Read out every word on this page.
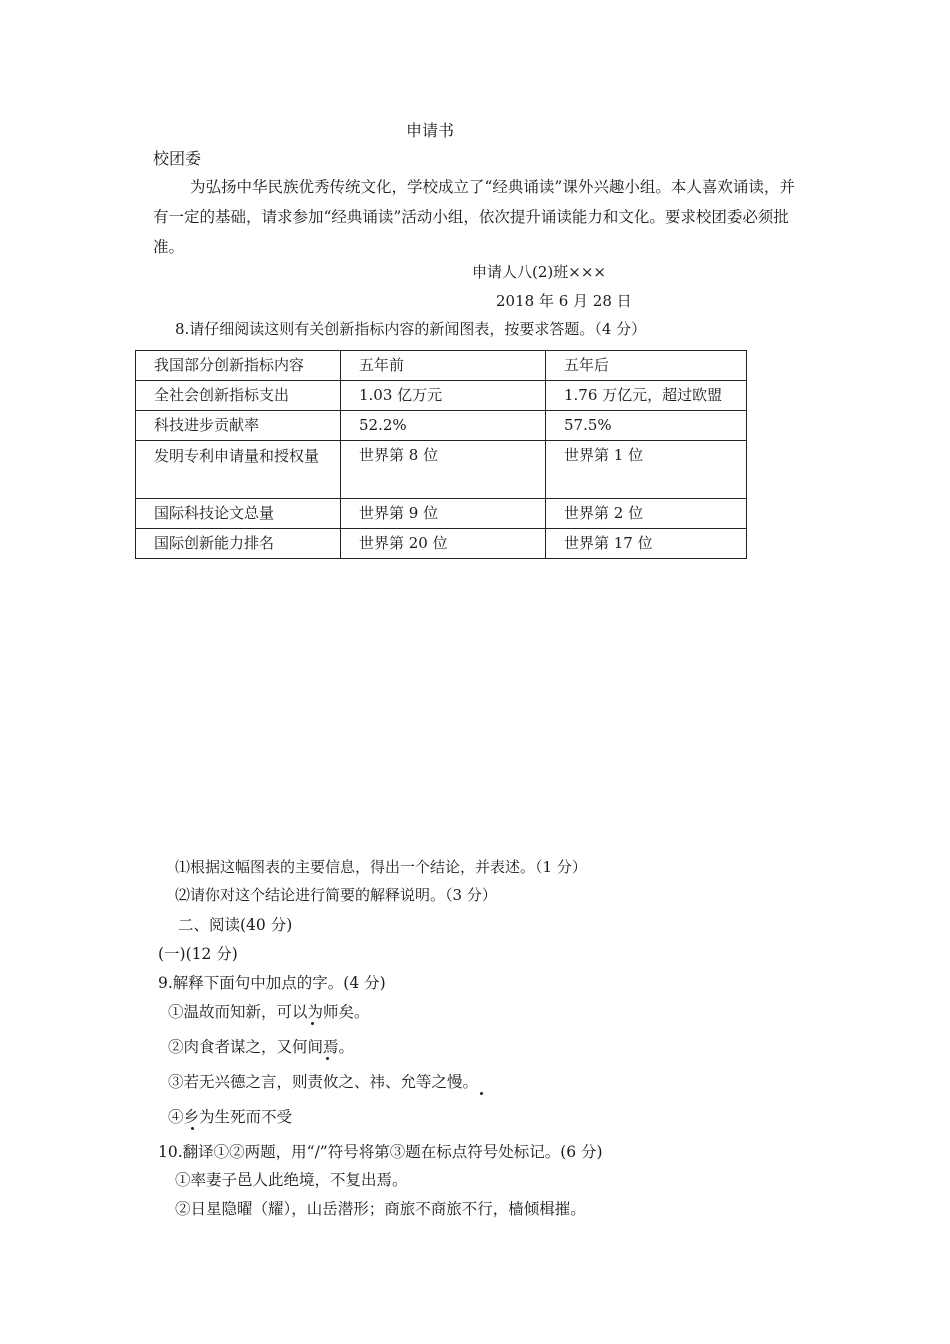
申请书
校团委
为弘扬中华民族优秀传统文化，学校成立了“经典诵读”课外兴趣小组。本人喜欢诵读，并有一定的基础，请求参加“经典诵读”活动小组，依次提升诵读能力和文化。要求校团委必须批准。
申请人八(2)班×××
2018 年 6 月 28 日
8.请仔细阅读这则有关创新指标内容的新闻图表，按要求答题。（4 分）
我国部分创新指标内容	五年前	五年后
全社会创新指标支出	1.03 亿万元	1.76 万亿元，超过欧盟
科技进步贡献率	52.2%	57.5%
发明专利申请量和授权量	世界第 8 位	世界第 1 位
国际科技论文总量	世界第 9 位	世界第 2 位
国际创新能力排名	世界第 20 位	世界第 17 位
⑴根据这幅图表的主要信息，得出一个结论，并表述。（1 分）
⑵请你对这个结论进行简要的解释说明。（3 分）
二、阅读(40 分)
(一)(12 分)
9.解释下面句中加点的字。(4 分)
①温故而知新，可以为师矣。
②肉食者谋之，又何间焉。
③若无兴德之言，则责攸之、祎、允等之慢。
④乡为生死而不受
10.翻译①②两题，用“/”符号将第③题在标点符号处标记。(6 分)
①率妻子邑人此绝境，不复出焉。
②日星隐曜（耀），山岳潜形；商旅不商旅不行，樯倾楫摧。
